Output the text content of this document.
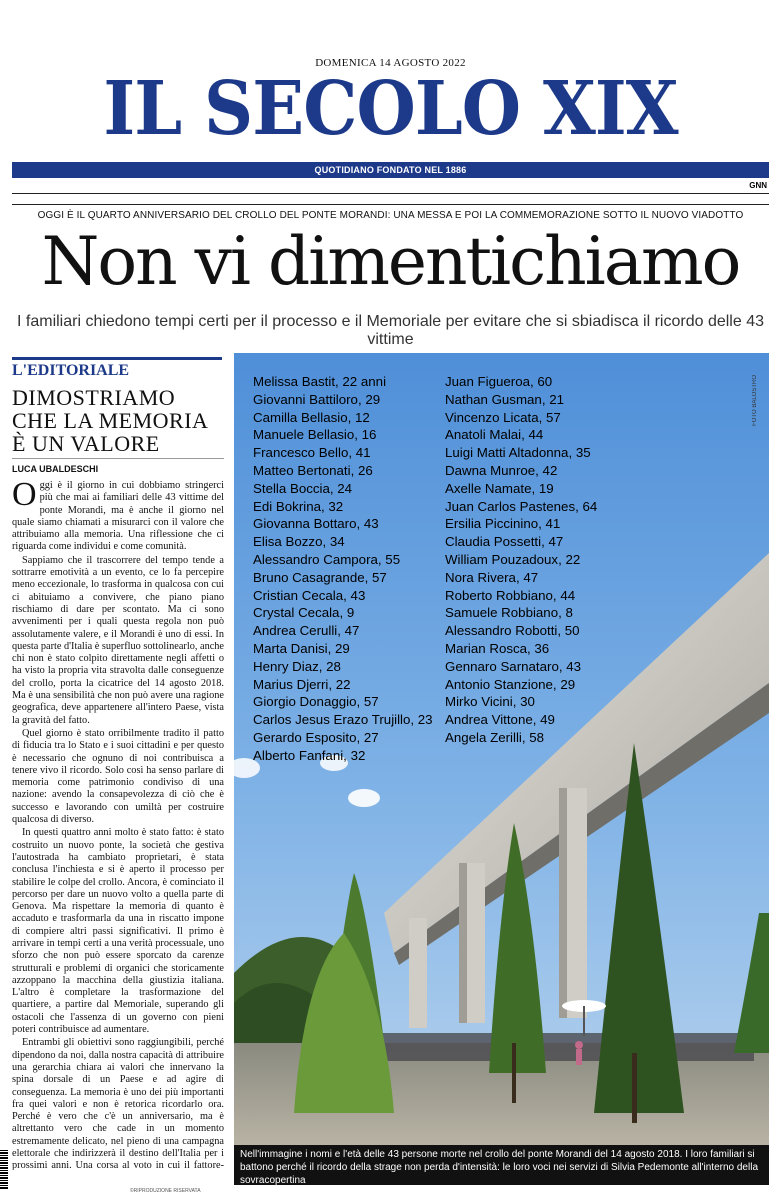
DOMENICA 14 AGOSTO 2022
IL SECOLO XIX
QUOTIDIANO FONDATO NEL 1886
GNN
OGGI È IL QUARTO ANNIVERSARIO DEL CROLLO DEL PONTE MORANDI: UNA MESSA E POI LA COMMEMORAZIONE SOTTO IL NUOVO VIADOTTO
Non vi dimentichiamo
I familiari chiedono tempi certi per il processo e il Memoriale per evitare che si sbiadisca il ricordo delle 43 vittime
L'EDITORIALE
DIMOSTRIAMO
CHE LA MEMORIA
È UN VALORE
LUCA UBALDESCHI

Oggi è il giorno in cui dobbiamo stringerci più che mai ai familiari delle 43 vittime del ponte Morandi, ma è anche il giorno nel quale siamo chiamati a misurarci con il valore che attribuiamo alla memoria. Una riflessione che ci riguarda come individui e come comunità.

Sappiamo che il trascorrere del tempo tende a sottrarre emotività a un evento, ce lo fa percepire meno eccezionale, lo trasforma in qualcosa con cui ci abituiamo a convivere, che piano piano rischiamo di dare per scontato. Ma ci sono avvenimenti per i quali questa regola non può assolutamente valere, e il Morandi è uno di essi. In questa parte d'Italia è superfluo sottolinearlo, anche chi non è stato colpito direttamente negli affetti o ha visto la propria vita stravolta dalle conseguenze del crollo, porta la cicatrice del 14 agosto 2018. Ma è una sensibilità che non può avere una ragione geografica, deve appartenere all'intero Paese, vista la gravità del fatto.

Quel giorno è stato orribilmente tradito il patto di fiducia tra lo Stato e i suoi cittadini e per questo è necessario che ognuno di noi contribuisca a tenere vivo il ricordo. Solo così ha senso parlare di memoria come patrimonio condiviso di una nazione: avendo la consapevolezza di ciò che è successo e lavorando con umiltà per costruire qualcosa di diverso.

In questi quattro anni molto è stato fatto: è stato costruito un nuovo ponte, la società che gestiva l'autostrada ha cambiato proprietari, è stata conclusa l'inchiesta e si è aperto il processo per stabilire le colpe del crollo. Ancora, è cominciato il percorso per dare un nuovo volto a quella parte di Genova. Ma rispettare la memoria di quanto è accaduto e trasformarla da una in riscatto impone di compiere altri passi significativi. Il primo è arrivare in tempi certi a una verità processuale, uno sforzo che non può essere sporcato da carenze strutturali e problemi di organici che storicamente azzoppano la macchina della giustizia italiana. L'altro è completare la trasformazione del quartiere, a partire dal Memoriale, superando gli ostacoli che l'assenza di un governo con pieni poteri contribuisce ad aumentare.

Entrambi gli obiettivi sono raggiungibili, perché dipendono da noi, dalla nostra capacità di attribuire una gerarchia chiara ai valori che innervano la spina dorsale di un Paese e ad agire di conseguenza. La memoria è uno dei più importanti fra quei valori e non è retorica ricordarlo ora. Perché è vero che c'è un anniversario, ma è altrettanto vero che cade in un momento estremamente delicato, nel pieno di una campagna elettorale che indirizzerà il destino dell'Italia per i prossimi anni. Una corsa al voto in cui il fattore-

FOTO BALOSTRO
Melissa Bastit, 22 anni
Giovanni Battiloro, 29
Camilla Bellasio, 12
Manuele Bellasio, 16
Francesco Bello, 41
Matteo Bertonati, 26
Stella Boccia, 24
Edi Bokrina, 32
Giovanna Bottaro, 43
Elisa Bozzo, 34
Alessandro Campora, 55
Bruno Casagrande, 57
Cristian Cecala, 43
Crystal Cecala, 9
Andrea Cerulli, 47
Marta Danisi, 29
Henry Diaz, 28
Marius Djerri, 22
Giorgio Donaggio, 57
Carlos Jesus Erazo Trujillo, 23
Gerardo Esposito, 27
Alberto Fanfani, 32
Juan Figueroa, 60
Nathan Gusman, 21
Vincenzo Licata, 57
Anatoli Malai, 44
Luigi Matti Altadonna, 35
Dawna Munroe, 42
Axelle Namate, 19
Juan Carlos Pastenes, 64
Ersilia Piccinino, 41
Claudia Possetti, 47
William Pouzadoux, 22
Nora Rivera, 47
Roberto Robbiano, 44
Samuele Robbiano, 8
Alessandro Robotti, 50
Marian Rosca, 36
Gennaro Sarnataro, 43
Antonio Stanzione, 29
Mirko Vicini, 30
Andrea Vittone, 49
Angela Zerilli, 58
Nell'immagine i nomi e l'età delle 43 persone morte nel crollo del ponte Morandi del 14 agosto 2018. I loro familiari si battono perché il ricordo della strage non perda d'intensità: le loro voci nei servizi di Silvia Pedemonte all'interno della sovracopertina
©RIPRODUZIONE RISERVATA
